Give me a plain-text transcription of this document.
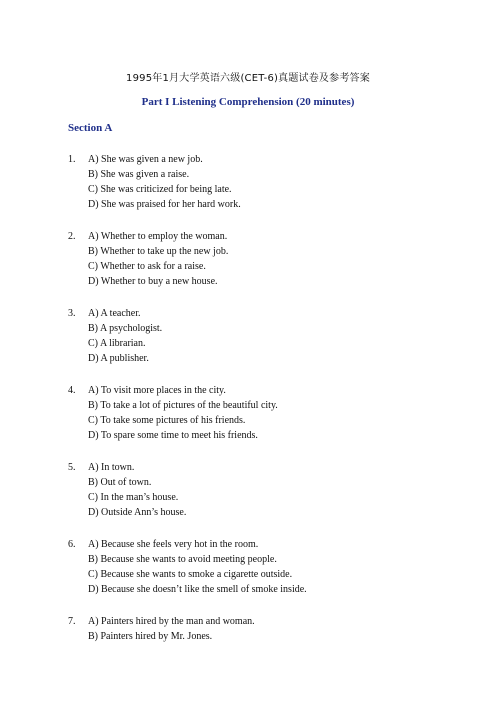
1995年1月大学英语六级(CET-6)真题试卷及参考答案
Part I Listening Comprehension (20 minutes)
Section A
1. A) She was given a new job.
B) She was given a raise.
C) She was criticized for being late.
D) She was praised for her hard work.
2. A) Whether to employ the woman.
B) Whether to take up the new job.
C) Whether to ask for a raise.
D) Whether to buy a new house.
3. A) A teacher.
B) A psychologist.
C) A librarian.
D) A publisher.
4. A) To visit more places in the city.
B) To take a lot of pictures of the beautiful city.
C) To take some pictures of his friends.
D) To spare some time to meet his friends.
5. A) In town.
B) Out of town.
C) In the man’s house.
D) Outside Ann’s house.
6. A) Because she feels very hot in the room.
B) Because she wants to avoid meeting people.
C) Because she wants to smoke a cigarette outside.
D) Because she doesn’t like the smell of smoke inside.
7. A) Painters hired by the man and woman.
B) Painters hired by Mr. Jones.
